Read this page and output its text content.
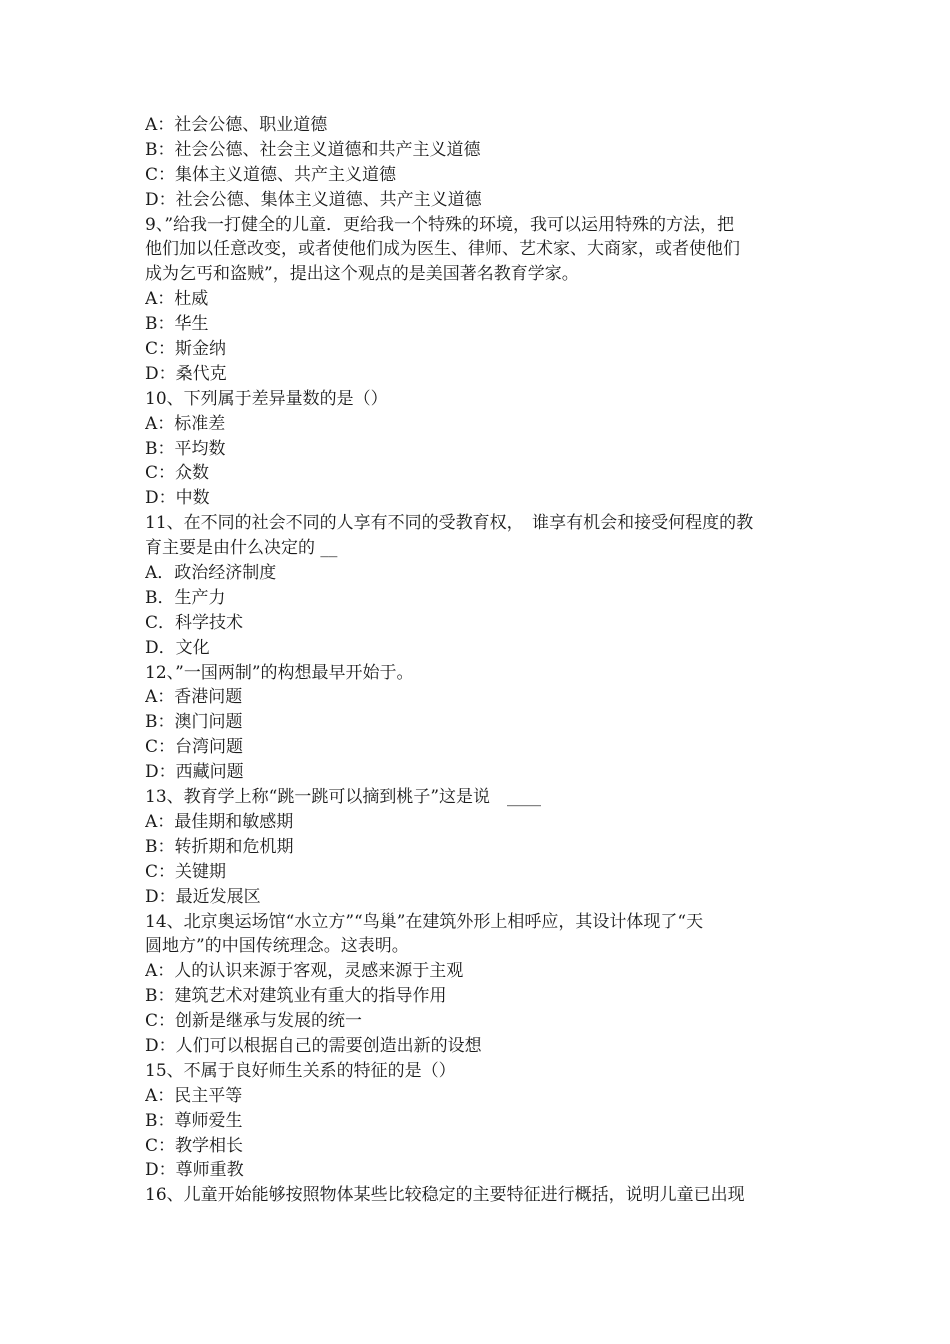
A：社会公德、职业道德
B：社会公德、社会主义道德和共产主义道德
C：集体主义道德、共产主义道德
D：社会公德、集体主义道德、共产主义道德
9、”给我一打健全的儿童．更给我一个特殊的环境，我可以运用特殊的方法，把
他们加以任意改变，或者使他们成为医生、律师、艺术家、大商家，或者使他们
成为乞丐和盗贼”，提出这个观点的是美国著名教育学家。
A：杜威
B：华生
C：斯金纳
D：桑代克
10、下列属于差异量数的是（）
A：标准差
B：平均数
C：众数
D：中数
11、在不同的社会不同的人享有不同的受教育权，　谁享有机会和接受何程度的教
育主要是由什么决定的 __
A．政治经济制度
B．生产力
C．科学技术
D．文化
12、”一国两制”的构想最早开始于。
A：香港问题
B：澳门问题
C：台湾问题
D：西藏问题
13、教育学上称“跳一跳可以摘到桃子”这是说　____
A：最佳期和敏感期
B：转折期和危机期
C：关键期
D：最近发展区
14、北京奥运场馆“水立方”“鸟巢”在建筑外形上相呼应，其设计体现了“天
圆地方”的中国传统理念。这表明。
A：人的认识来源于客观，灵感来源于主观
B：建筑艺术对建筑业有重大的指导作用
C：创新是继承与发展的统一
D：人们可以根据自己的需要创造出新的设想
15、不属于良好师生关系的特征的是（）
A：民主平等
B：尊师爱生
C：教学相长
D：尊师重教
16、儿童开始能够按照物体某些比较稳定的主要特征进行概括，说明儿童已出现
